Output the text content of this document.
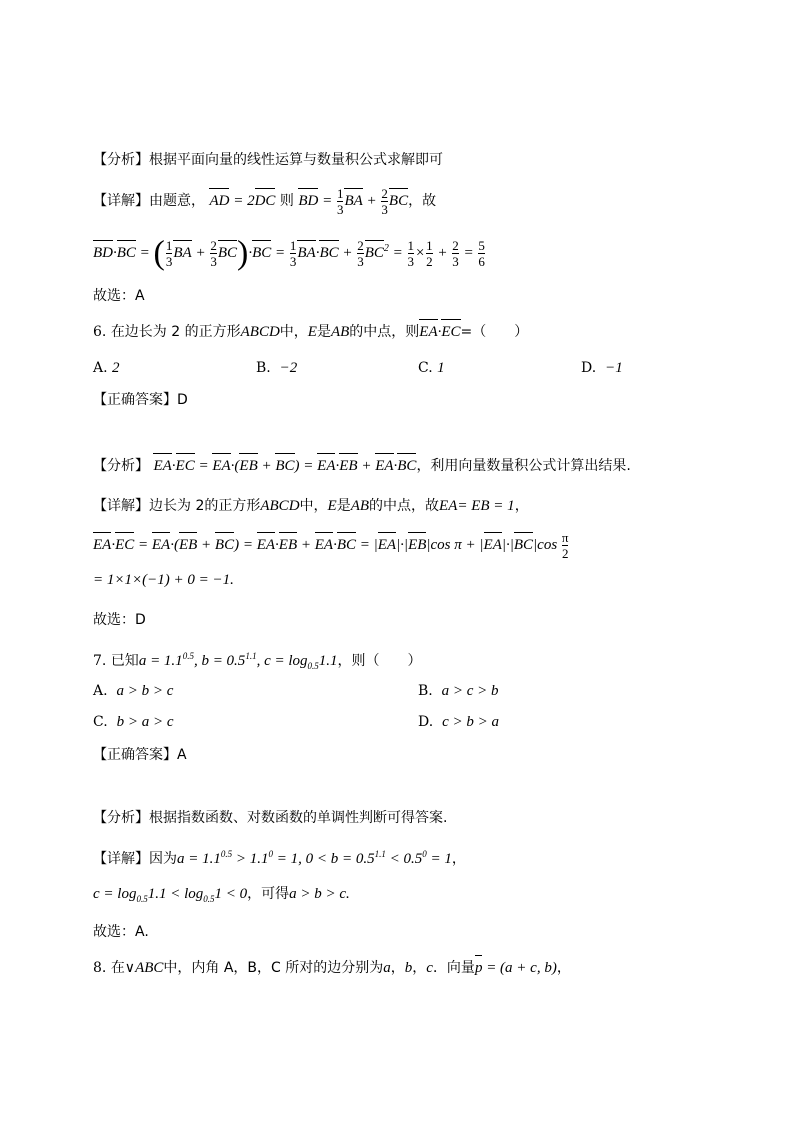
【分析】根据平面向量的线性运算与数量积公式求解即可
【详解】由题意， AD = 2DC 则 BD = $\frac{1}{3}$ BA + $\frac{2}{3}$ BC，故
BD·BC = ( $\frac{1}{3}$ BA + $\frac{2}{3} BC)\cdot BC = \frac{1}{3} BA\cdot BC + \frac{2}{3} BC^2 = \frac{1}{3} \times \frac{1}{2} + \frac{2}{3} = \frac{5}{6}$
故选：A
6. 在边长为 2 的正方形ABCD中，E是AB的中点，则EA·EC=（　　）
A. 2	B. −2	C. 1	D. −1
【正确答案】D
【分析】 EA·EC = EA·(EB + BC) = EA·EB + EA·BC，利用向量数量积公式计算出结果.
【详解】边长为 2的正方形ABCD中，E是AB的中点，故EA= EB = 1，
EA·EC = EA·(EB + BC) = EA·EB + EA·BC = |EA|·|EB|cos $\pi + |EA|\cdot|BC|\cos \frac{\pi}{2}$
= 1×1×(−1) + 0 = −1.
故选：D
7. 已知$a = 1.1^{0.5}$, $b = 0.5^{1.1}$, $c = \log_{0.5}1.1$，则（　　）
A. a > b > c	B. a > c > b
C. b > a > c	D. c > b > a
【正确答案】A
【分析】根据指数函数、对数函数的单调性判断可得答案.
【详解】因为$a = 1.1^{0.5} > 1.1^0 = 1$, $0 < b = 0.5^{1.1} < 0.5^0 = 1$，
$c = \log_{0.5}1.1 < \log_{0.5}1 < 0$，可得a > b > c.
故选：A.
8. 在∨ABC中，内角 A，B，C 所对的边分别为a，b，c．向量p = (a + c, b)，
